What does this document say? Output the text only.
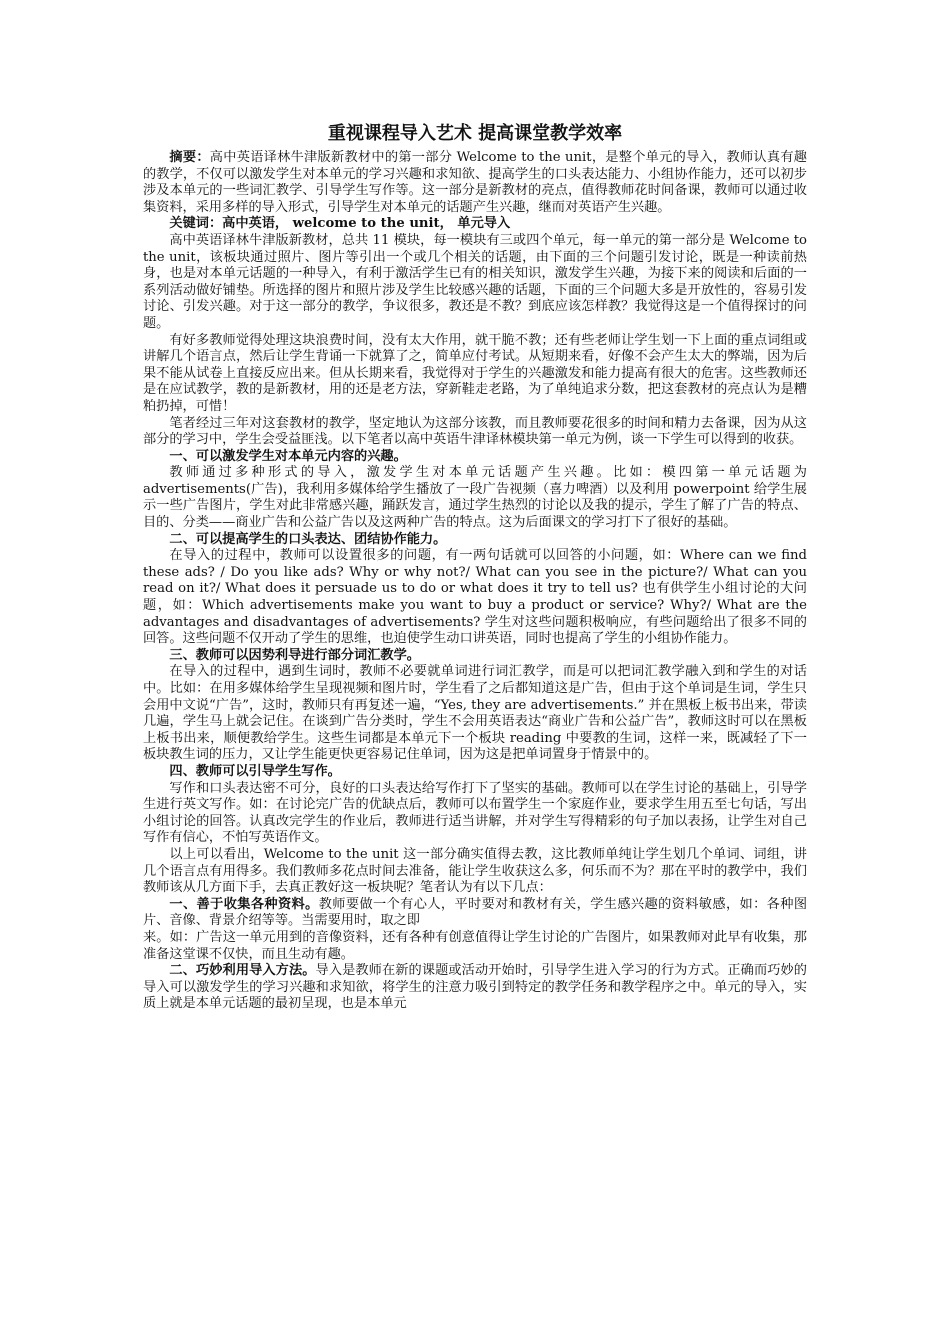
重视课程导入艺术 提高课堂教学效率

摘要：高中英语译林牛津版新教材中的第一部分 Welcome to the unit，是整个单元的导入，教师认真有趣的教学，不仅可以激发学生对本单元的学习兴趣和求知欲、提高学生的口头表达能力、小组协作能力，还可以初步涉及本单元的一些词汇教学、引导学生写作等。这一部分是新教材的亮点，值得教师花时间备课，教师可以通过收集资料，采用多样的导入形式，引导学生对本单元的话题产生兴趣，继而对英语产生兴趣。

关键词：高中英语， welcome to the unit， 单元导入

高中英语译林牛津版新教材，总共 11 模块，每一模块有三或四个单元，每一单元的第一部分是 Welcome to the unit，该板块通过照片、图片等引出一个或几个相关的话题，由下面的三个问题引发讨论，既是一种读前热身，也是对本单元话题的一种导入，有利于激活学生已有的相关知识，激发学生兴趣，为接下来的阅读和后面的一系列活动做好铺垫。所选择的图片和照片涉及学生比较感兴趣的话题，下面的三个问题大多是开放性的，容易引发讨论、引发兴趣。对于这一部分的教学，争议很多，教还是不教？到底应该怎样教？我觉得这是一个值得探讨的问题。

有好多教师觉得处理这块浪费时间，没有太大作用，就干脆不教；还有些老师让学生划一下上面的重点词组或讲解几个语言点，然后让学生背诵一下就算了之，简单应付考试。从短期来看，好像不会产生太大的弊端，因为后果不能从试卷上直接反应出来。但从长期来看，我觉得对于学生的兴趣激发和能力提高有很大的危害。这些教师还是在应试教学，教的是新教材，用的还是老方法，穿新鞋走老路，为了单纯追求分数，把这套教材的亮点认为是糟粕扔掉，可惜！

笔者经过三年对这套教材的教学，坚定地认为这部分该教，而且教师要花很多的时间和精力去备课，因为从这部分的学习中，学生会受益匪浅。以下笔者以高中英语牛津译林模块第一单元为例，谈一下学生可以得到的收获。

一、可以激发学生对本单元内容的兴趣。

教师通过多种形式的导入，激发学生对本单元话题产生兴趣。比如：模四第一单元话题为 advertisements(广告)，我利用多媒体给学生播放了一段广告视频（喜力啤酒）以及利用 powerpoint 给学生展示一些广告图片，学生对此非常感兴趣，踊跃发言，通过学生热烈的讨论以及我的提示，学生了解了广告的特点、目的、分类——商业广告和公益广告以及这两种广告的特点。这为后面课文的学习打下了很好的基础。

二、可以提高学生的口头表达、团结协作能力。

在导入的过程中，教师可以设置很多的问题，有一两句话就可以回答的小问题，如：Where can we find these ads? / Do you like ads? Why or why not?/ What can you see in the picture?/ What can you read on it?/ What does it persuade us to do or what does it try to tell us? 也有供学生小组讨论的大问题，如：Which advertisements make you want to buy a product or service? Why?/ What are the advantages and disadvantages of advertisements? 学生对这些问题积极响应，有些问题给出了很多不同的回答。这些问题不仅开动了学生的思维，也迫使学生动口讲英语，同时也提高了学生的小组协作能力。

三、教师可以因势利导进行部分词汇教学。

在导入的过程中，遇到生词时，教师不必要就单词进行词汇教学，而是可以把词汇教学融入到和学生的对话中。比如：在用多媒体给学生呈现视频和图片时，学生看了之后都知道这是广告，但由于这个单词是生词，学生只会用中文说“广告”，这时，教师只有再复述一遍，“Yes, they are advertisements.” 并在黑板上板书出来，带读几遍，学生马上就会记住。在谈到广告分类时，学生不会用英语表达“商业广告和公益广告”，教师这时可以在黑板上板书出来，顺便教给学生。这些生词都是本单元下一个板块 reading 中要教的生词，这样一来，既减轻了下一板块教生词的压力，又让学生能更快更容易记住单词，因为这是把单词置身于情景中的。

四、教师可以引导学生写作。

写作和口头表达密不可分，良好的口头表达给写作打下了坚实的基础。教师可以在学生讨论的基础上，引导学生进行英文写作。如：在讨论完广告的优缺点后，教师可以布置学生一个家庭作业，要求学生用五至七句话，写出小组讨论的回答。认真改完学生的作业后，教师进行适当讲解，并对学生写得精彩的句子加以表扬，让学生对自己写作有信心，不怕写英语作文。

以上可以看出，Welcome to the unit 这一部分确实值得去教，这比教师单纯让学生划几个单词、词组，讲几个语言点有用得多。我们教师多花点时间去准备，能让学生收获这么多，何乐而不为？那在平时的教学中，我们教师该从几方面下手，去真正教好这一板块呢？笔者认为有以下几点：

一、善于收集各种资料。教师要做一个有心人，平时要对和教材有关，学生感兴趣的资料敏感，如：各种图片、音像、背景介绍等等。当需要用时，取之即

来。如：广告这一单元用到的音像资料，还有各种有创意值得让学生讨论的广告图片，如果教师对此早有收集，那准备这堂课不仅快，而且生动有趣。

二、巧妙利用导入方法。导入是教师在新的课题或活动开始时，引导学生进入学习的行为方式。正确而巧妙的导入可以激发学生的学习兴趣和求知欲，将学生的注意力吸引到特定的教学任务和教学程序之中。单元的导入，实质上就是本单元话题的最初呈现，也是本单元
